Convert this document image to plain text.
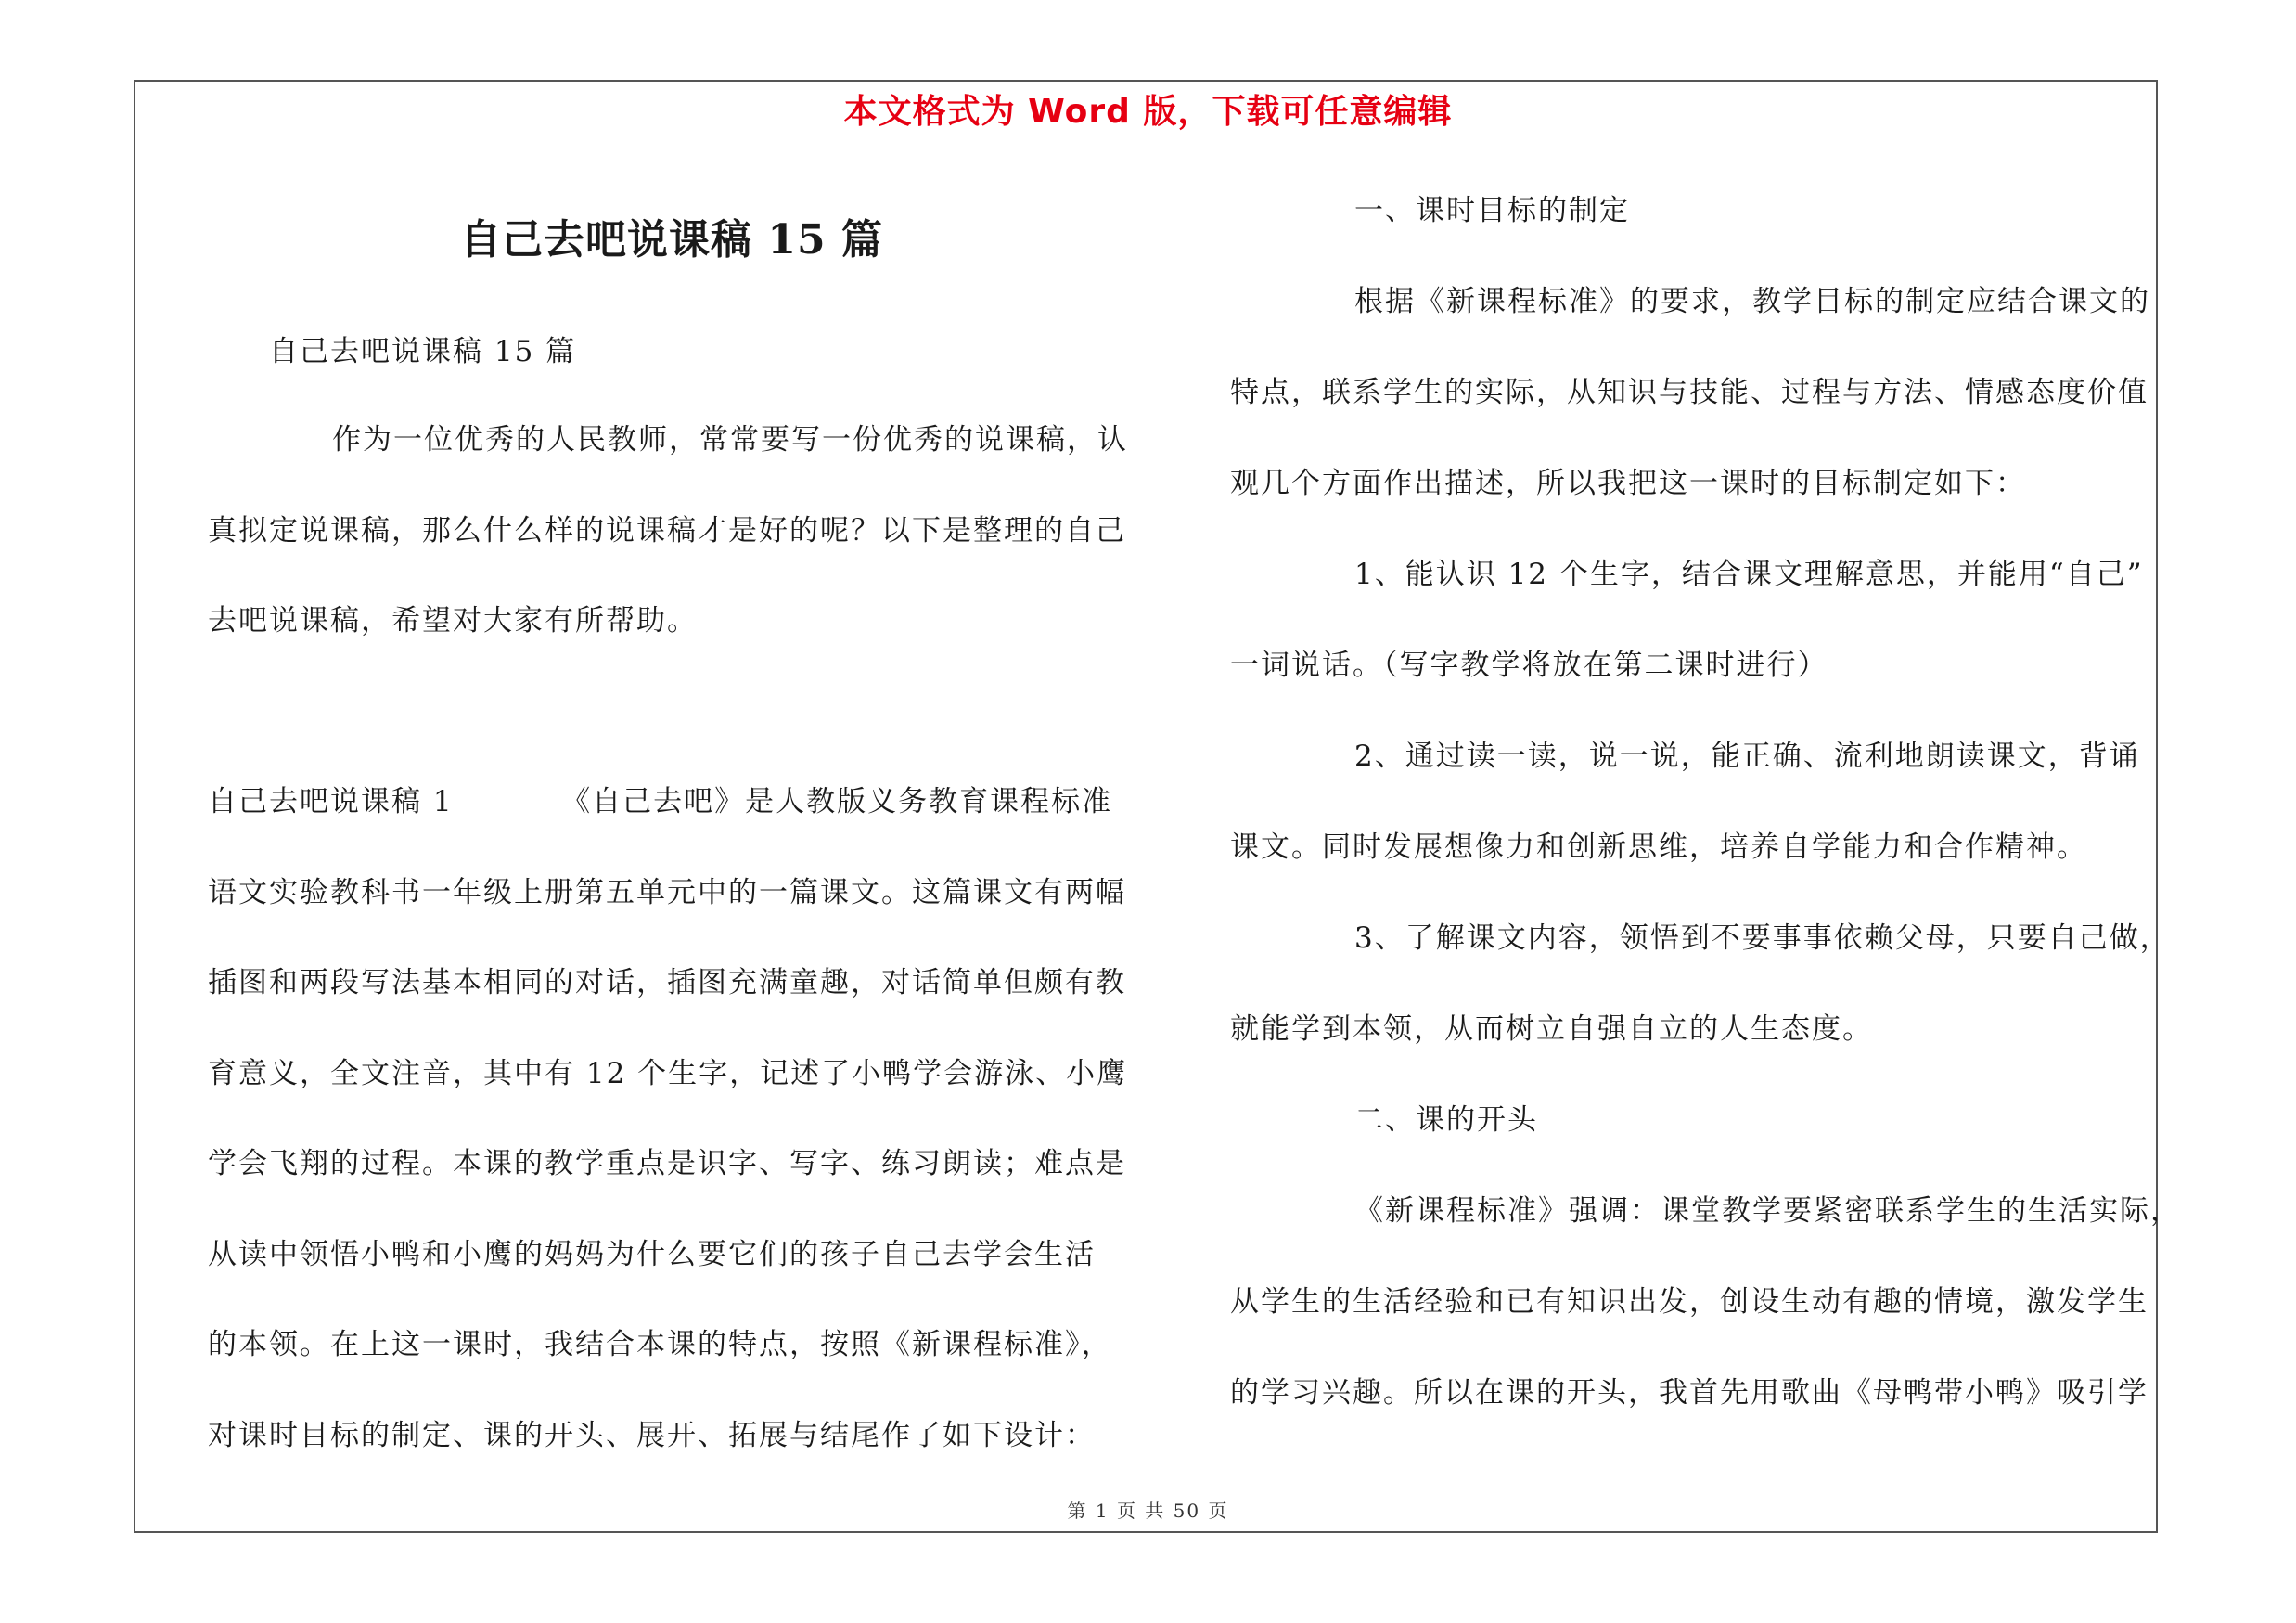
本文格式为 Word 版，下载可任意编辑
自己去吧说课稿 15 篇

自己去吧说课稿 15 篇

作为一位优秀的人民教师，常常要写一份优秀的说课稿，认

真拟定说课稿，那么什么样的说课稿才是好的呢？以下是整理的自己

去吧说课稿，希望对大家有所帮助。

自己去吧说课稿 1　　　　《自己去吧》是人教版义务教育课程标准

语文实验教科书一年级上册第五单元中的一篇课文。这篇课文有两幅

插图和两段写法基本相同的对话，插图充满童趣，对话简单但颇有教

育意义，全文注音，其中有 12 个生字，记述了小鸭学会游泳、小鹰

学会飞翔的过程。本课的教学重点是识字、写字、练习朗读；难点是

从读中领悟小鸭和小鹰的妈妈为什么要它们的孩子自己去学会生活

的本领。在上这一课时，我结合本课的特点，按照《新课程标准》，

对课时目标的制定、课的开头、展开、拓展与结尾作了如下设计：

一、课时目标的制定

根据《新课程标准》的要求，教学目标的制定应结合课文的

特点，联系学生的实际，从知识与技能、过程与方法、情感态度价值

观几个方面作出描述，所以我把这一课时的目标制定如下：

1、能认识 12 个生字，结合课文理解意思，并能用“自己”

一词说话。（写字教学将放在第二课时进行）

2、通过读一读，说一说，能正确、流利地朗读课文，背诵

课文。同时发展想像力和创新思维，培养自学能力和合作精神。

3、了解课文内容，领悟到不要事事依赖父母，只要自己做，

就能学到本领，从而树立自强自立的人生态度。

二、课的开头

《新课程标准》强调：课堂教学要紧密联系学生的生活实际，

从学生的生活经验和已有知识出发，创设生动有趣的情境，激发学生

的学习兴趣。所以在课的开头，我首先用歌曲《母鸭带小鸭》吸引学

第 1 页 共 50 页
